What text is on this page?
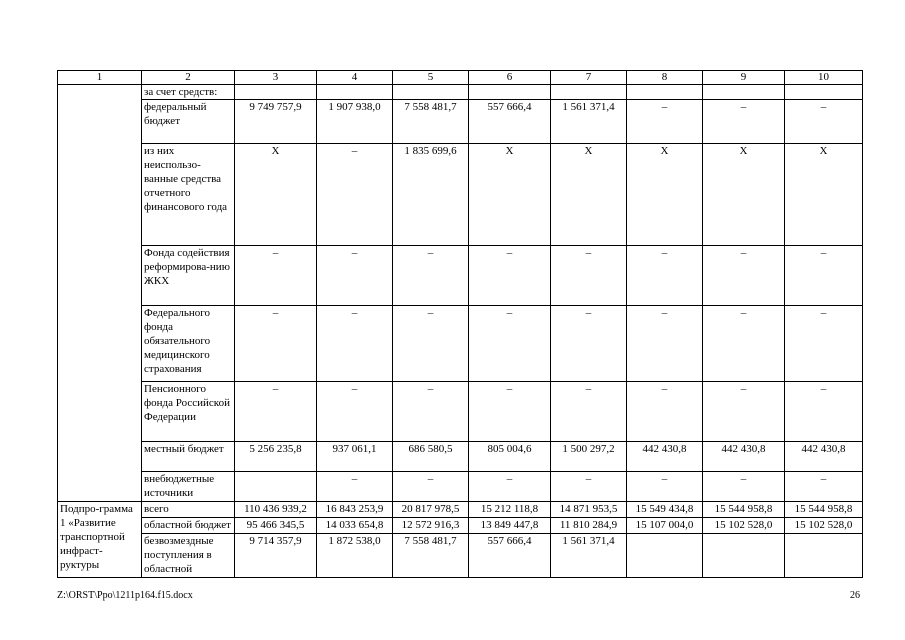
1	2	3	4	5	6	7	8	9	10
	за счет средств:								
	федеральный бюджет	9 749 757,9	1 907 938,0	7 558 481,7	557 666,4	1 561 371,4	–	–	–
	из них неиспользо-ванные средства отчетного финансового года	Х	–	1 835 699,6	Х	Х	Х	Х	Х
	Фонда содействия реформирова-нию ЖКХ	–	–	–	–	–	–	–	–
	Федерального фонда обязательного медицинского страхования	–	–	–	–	–	–	–	–
	Пенсионного фонда Российской Федерации	–	–	–	–	–	–	–	–
	местный бюджет	5 256 235,8	937 061,1	686 580,5	805 004,6	1 500 297,2	442 430,8	442 430,8	442 430,8
	внебюджетные источники		–	–	–	–	–	–	–
Подпро-грамма 1 «Развитие транспортной инфраст-руктуры	всего	110 436 939,2	16 843 253,9	20 817 978,5	15 212 118,8	14 871 953,5	15 549 434,8	15 544 958,8	15 544 958,8
	областной бюджет	95 466 345,5	14 033 654,8	12 572 916,3	13 849 447,8	11 810 284,9	15 107 004,0	15 102 528,0	15 102 528,0
	безвозмездные поступления в областной	9 714 357,9	1 872 538,0	7 558 481,7	557 666,4	1 561 371,4			
Z:\ORST\Ppo\1211p164.f15.docx	26
